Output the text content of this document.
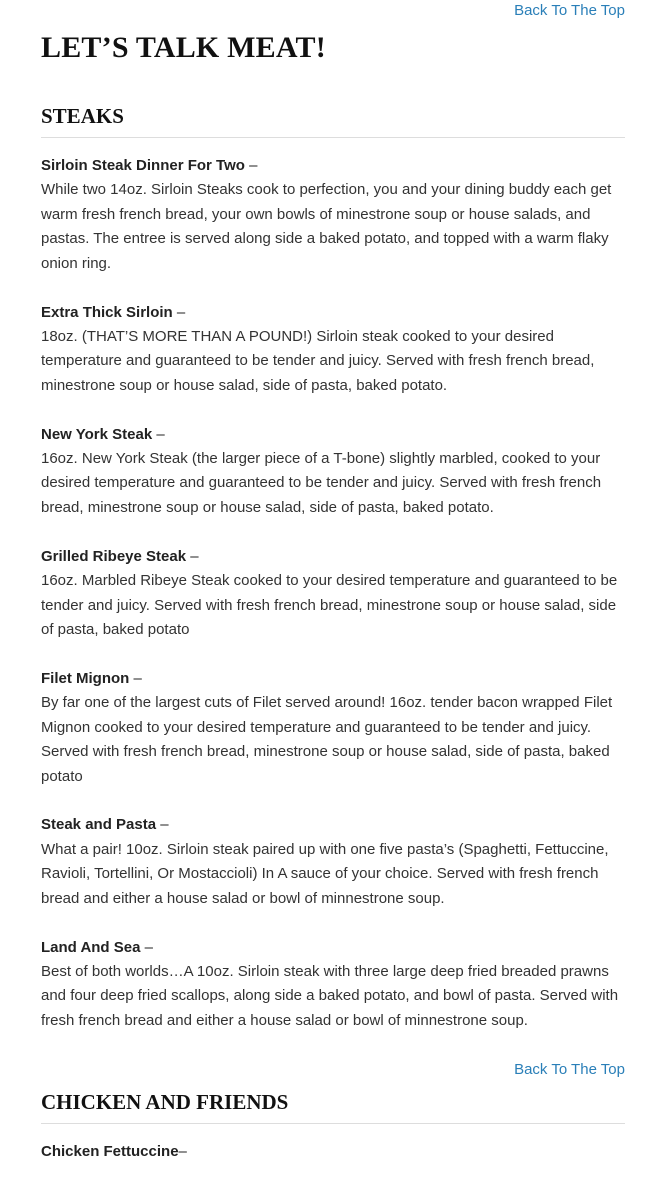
Back To The Top
LET’S TALK MEAT!
STEAKS
Sirloin Steak Dinner For Two –
While two 14oz. Sirloin Steaks cook to perfection, you and your dining buddy each get warm fresh french bread, your own bowls of minestrone soup or house salads, and pastas. The entree is served along side a baked potato, and topped with a warm flaky onion ring.
Extra Thick Sirloin –
18oz. (THAT’S MORE THAN A POUND!) Sirloin steak cooked to your desired temperature and guaranteed to be tender and juicy. Served with fresh french bread, minestrone soup or house salad, side of pasta, baked potato.
New York Steak –
16oz. New York Steak (the larger piece of a T-bone) slightly marbled, cooked to your desired temperature and guaranteed to be tender and juicy. Served with fresh french bread, minestrone soup or house salad, side of pasta, baked potato.
Grilled Ribeye Steak –
16oz. Marbled Ribeye Steak cooked to your desired temperature and guaranteed to be tender and juicy. Served with fresh french bread, minestrone soup or house salad, side of pasta, baked potato
Filet Mignon –
By far one of the largest cuts of Filet served around! 16oz. tender bacon wrapped Filet Mignon cooked to your desired temperature and guaranteed to be tender and juicy. Served with fresh french bread, minestrone soup or house salad, side of pasta, baked potato
Steak and Pasta –
What a pair! 10oz. Sirloin steak paired up with one five pasta’s (Spaghetti, Fettuccine, Ravioli, Tortellini, Or Mostaccioli) In A sauce of your choice. Served with fresh french bread and either a house salad or bowl of minnestrone soup.
Land And Sea –
Best of both worlds…A 10oz. Sirloin steak with three large deep fried breaded prawns and four deep fried scallops, along side a baked potato, and bowl of pasta. Served with fresh french bread and either a house salad or bowl of minnestrone soup.
Back To The Top
CHICKEN AND FRIENDS
Chicken Fettuccine–
